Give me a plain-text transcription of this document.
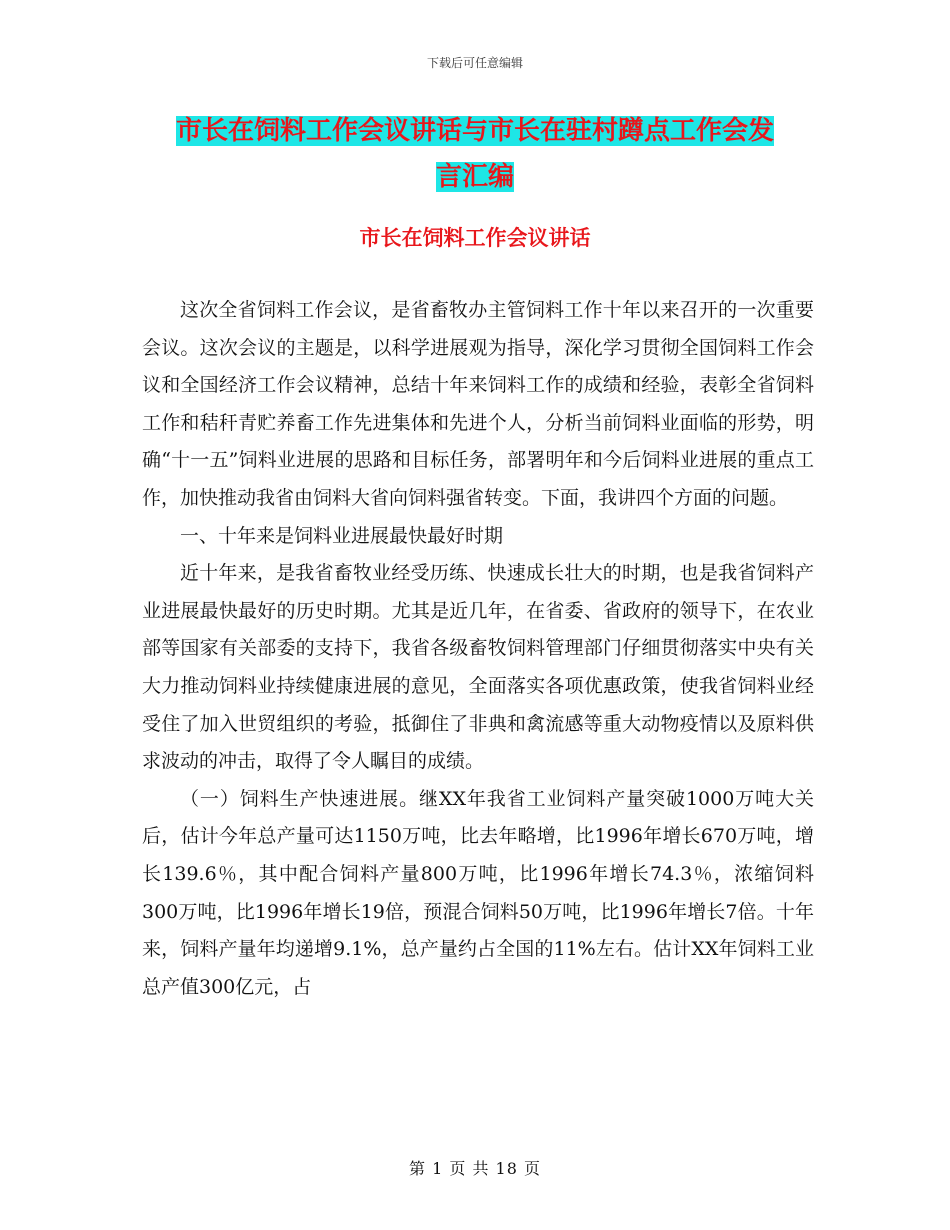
下载后可任意编辑
市长在饲料工作会议讲话与市长在驻村蹲点工作会发
言汇编
市长在饲料工作会议讲话

这次全省饲料工作会议，是省畜牧办主管饲料工作十年以来召开的一次重要会议。这次会议的主题是，以科学进展观为指导，深化学习贯彻全国饲料工作会议和全国经济工作会议精神，总结十年来饲料工作的成绩和经验，表彰全省饲料工作和秸秆青贮养畜工作先进集体和先进个人，分析当前饲料业面临的形势，明确“十一五”饲料业进展的思路和目标任务，部署明年和今后饲料业进展的重点工作，加快推动我省由饲料大省向饲料强省转变。下面，我讲四个方面的问题。

一、十年来是饲料业进展最快最好时期

近十年来，是我省畜牧业经受历练、快速成长壮大的时期，也是我省饲料产业进展最快最好的历史时期。尤其是近几年，在省委、省政府的领导下，在农业部等国家有关部委的支持下，我省各级畜牧饲料管理部门仔细贯彻落实中央有关大力推动饲料业持续健康进展的意见，全面落实各项优惠政策，使我省饲料业经受住了加入世贸组织的考验，抵御住了非典和禽流感等重大动物疫情以及原料供求波动的冲击，取得了令人瞩目的成绩。

（一）饲料生产快速进展。继XX年我省工业饲料产量突破1000万吨大关后，估计今年总产量可达1150万吨，比去年略增，比1996年增长670万吨，增长139.6％，其中配合饲料产量800万吨，比1996年增长74.3％，浓缩饲料300万吨，比1996年增长19倍，预混合饲料50万吨，比1996年增长7倍。十年来，饲料产量年均递增9.1%，总产量约占全国的11%左右。估计XX年饲料工业总产值300亿元，占

第 1 页 共 18 页
